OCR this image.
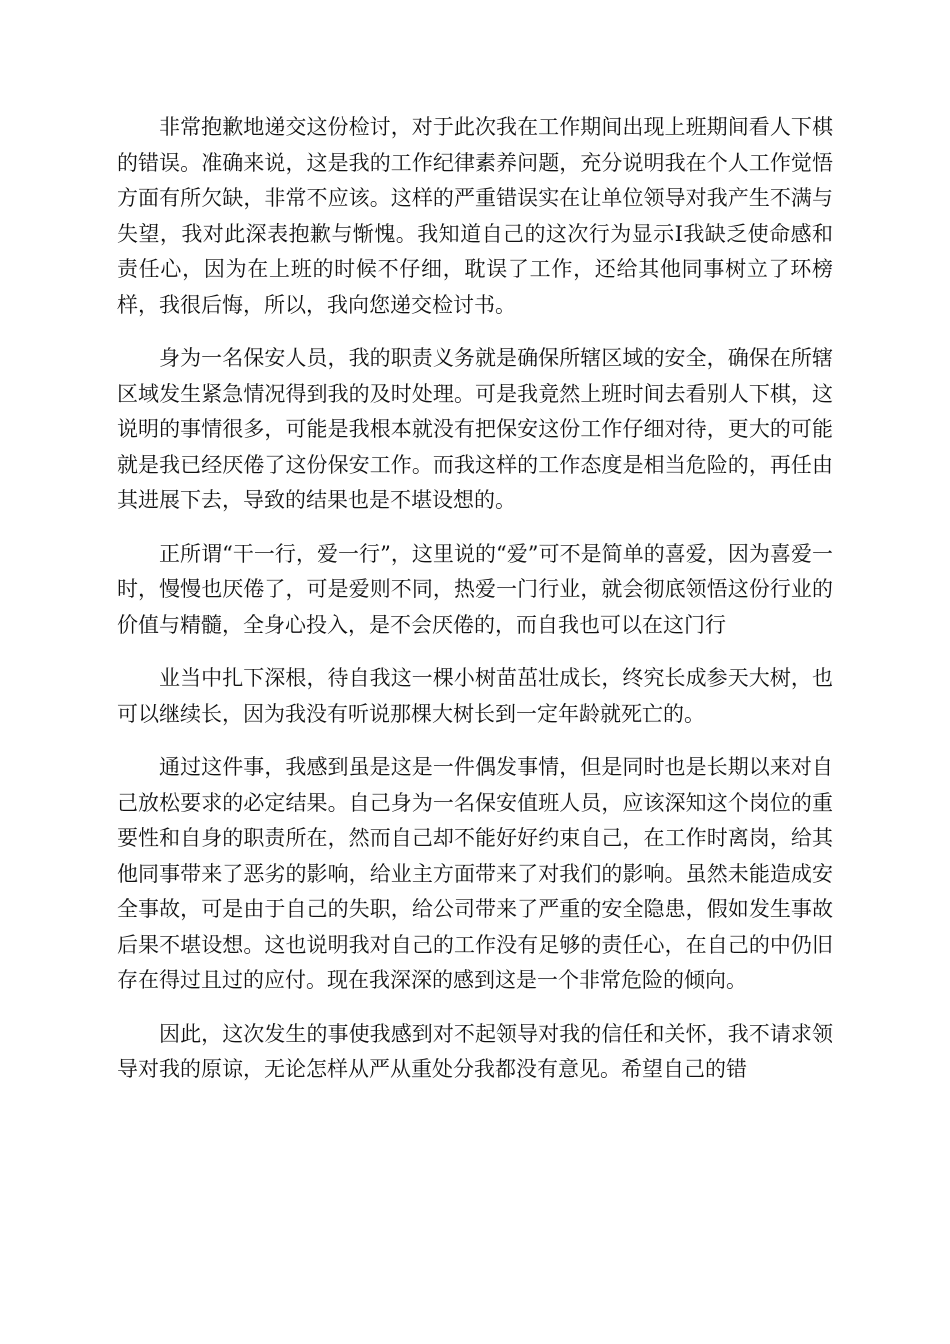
非常抱歉地递交这份检讨，对于此次我在工作期间出现上班期间看人下棋的错误。准确来说，这是我的工作纪律素养问题，充分说明我在个人工作觉悟方面有所欠缺，非常不应该。这样的严重错误实在让单位领导对我产生不满与失望，我对此深表抱歉与惭愧。我知道自己的这次行为显示I我缺乏使命感和责任心，因为在上班的时候不仔细，耽误了工作，还给其他同事树立了环榜样，我很后悔，所以，我向您递交检讨书。

身为一名保安人员，我的职责义务就是确保所辖区域的安全，确保在所辖区域发生紧急情况得到我的及时处理。可是我竟然上班时间去看别人下棋，这说明的事情很多，可能是我根本就没有把保安这份工作仔细对待，更大的可能就是我已经厌倦了这份保安工作。而我这样的工作态度是相当危险的，再任由其进展下去，导致的结果也是不堪设想的。

正所谓“干一行，爱一行”，这里说的“爱”可不是简单的喜爱，因为喜爱一时，慢慢也厌倦了，可是爱则不同，热爱一门行业，就会彻底领悟这份行业的价值与精髓，全身心投入，是不会厌倦的，而自我也可以在这门行

业当中扎下深根，待自我这一棵小树苗茁壮成长，终究长成参天大树，也可以继续长，因为我没有听说那棵大树长到一定年龄就死亡的。

通过这件事，我感到虽是这是一件偶发事情，但是同时也是长期以来对自己放松要求的必定结果。自己身为一名保安值班人员，应该深知这个岗位的重要性和自身的职责所在，然而自己却不能好好约束自己，在工作时离岗，给其他同事带来了恶劣的影响，给业主方面带来了对我们的影响。虽然未能造成安全事故，可是由于自己的失职，给公司带来了严重的安全隐患，假如发生事故后果不堪设想。这也说明我对自己的工作没有足够的责任心，在自己的中仍旧存在得过且过的应付。现在我深深的感到这是一个非常危险的倾向。

因此，这次发生的事使我感到对不起领导对我的信任和关怀，我不请求领导对我的原谅，无论怎样从严从重处分我都没有意见。希望自己的错
